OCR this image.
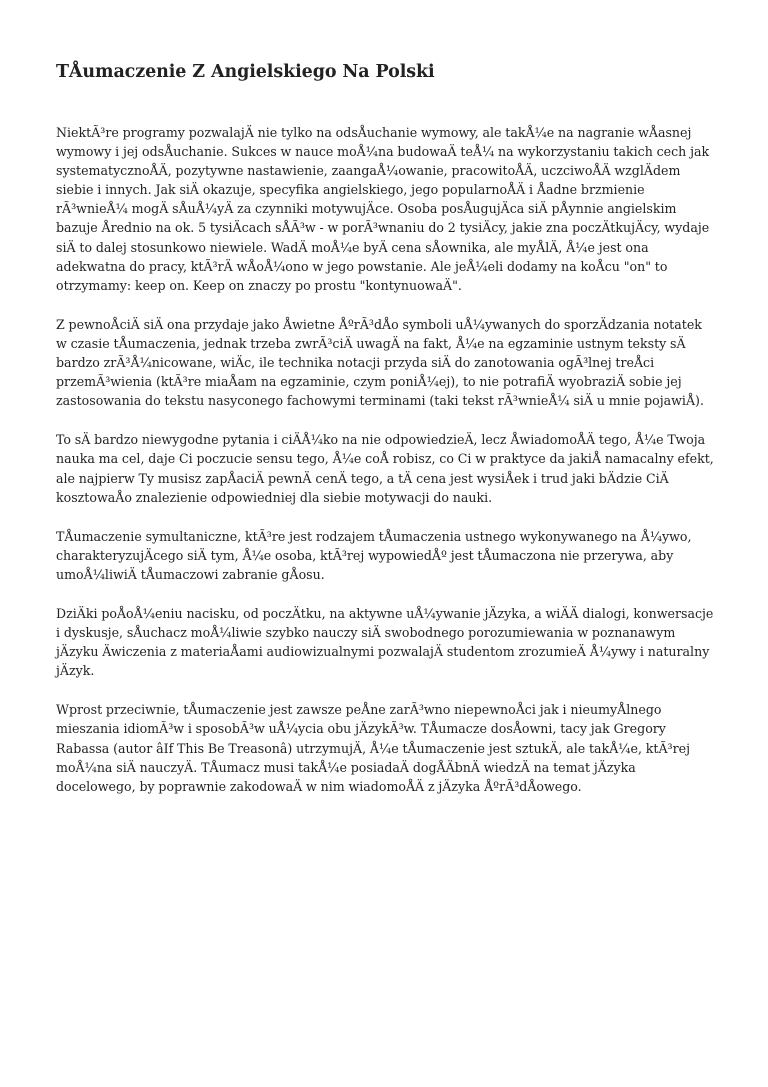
TÅumaczenie Z Angielskiego Na Polski

NiektÃ³re programy pozwalajÄ nie tylko na odsÅuchanie wymowy, ale takÅ¼e na nagranie wÅasnej wymowy i jej odsÅuchanie. Sukces w nauce moÅ¼na budowaÄ teÅ¼ na wykorzystaniu takich cech jak systematycznoÅÄ, pozytywne nastawienie, zaangaÅ¼owanie, pracowitoÅÄ, uczciwoÅÄ wzglÄdem siebie i innych. Jak siÄ okazuje, specyfika angielskiego, jego popularnoÅÄ i Åadne brzmienie rÃ³wnieÅ¼ mogÄ sÅuÅ¼yÄ za czynniki motywujÄce. Osoba posÅugujÄca siÄ pÅynnie angielskim bazuje Årednio na ok. 5 tysiÄcach sÅÃ³w - w porÃ³wnaniu do 2 tysiÄcy, jakie zna poczÄtkujÄcy, wydaje siÄ to dalej stosunkowo niewiele. WadÄ moÅ¼e byÄ cena sÅownika, ale myÅlÄ, Å¼e jest ona adekwatna do pracy, ktÃ³rÄ wÅoÅ¼ono w jego powstanie. Ale jeÅ¼eli dodamy na koÅcu "on" to otrzymamy: keep on. Keep on znaczy po prostu "kontynuowaÄ".

Z pewnoÅciÄ siÄ ona przydaje jako Åwietne ÅºrÃ³dÅo symboli uÅ¼ywanych do sporzÄdzania notatek w czasie tÅumaczenia, jednak trzeba zwrÃ³ciÄ uwagÄ na fakt, Å¼e na egzaminie ustnym teksty sÄ bardzo zrÃ³Å¼nicowane, wiÄc, ile technika notacji przyda siÄ do zanotowania ogÃ³lnej treÅci przemÃ³wienia (ktÃ³re miaÅam na egzaminie, czym poniÅ¼ej), to nie potrafiÄ wyobraziÄ sobie jej zastosowania do tekstu nasyconego fachowymi terminami (taki tekst rÃ³wnieÅ¼ siÄ u mnie pojawiÅ).

To sÄ bardzo niewygodne pytania i ciÄÅ¼ko na nie odpowiedzieÄ, lecz ÅwiadomoÅÄ tego, Å¼e Twoja nauka ma cel, daje Ci poczucie sensu tego, Å¼e coÅ robisz, co Ci w praktyce da jakiÅ namacalny efekt, ale najpierw Ty musisz zapÅaciÄ pewnÄ cenÄ tego, a tÄ cena jest wysiÅek i trud jaki bÄdzie CiÄ kosztowaÅo znalezienie odpowiedniej dla siebie motywacji do nauki.

TÅumaczenie symultaniczne, ktÃ³re jest rodzajem tÅumaczenia ustnego wykonywanego na Å¼ywo, charakteryzujÄcego siÄ tym, Å¼e osoba, ktÃ³rej wypowiedÅº jest tÅumaczona nie przerywa, aby umoÅ¼liwiÄ tÅumaczowi zabranie gÅosu.

DziÄki poÅoÅ¼eniu nacisku, od poczÄtku, na aktywne uÅ¼ywanie jÄzyka, a wiÄÄ dialogi, konwersacje i dyskusje, sÅuchacz moÅ¼liwie szybko nauczy siÄ swobodnego porozumiewania w poznanawym jÄzyku Äwiczenia z materiaÅami audiowizualnymi pozwalajÄ studentom zrozumieÄ Å¼ywy i naturalny jÄzyk.

Wprost przeciwnie, tÅumaczenie jest zawsze peÅne zarÃ³wno niepewnoÅci jak i nieumyÅlnego mieszania idiomÃ³w i sposobÃ³w uÅ¼ycia obu jÄzykÃ³w. TÅumacze dosÅowni, tacy jak Gregory Rabassa (autor âIf This Be Treasonâ) utrzymujÄ, Å¼e tÅumaczenie jest sztukÄ, ale takÅ¼e, ktÃ³rej moÅ¼na siÄ nauczyÄ. TÅumacz musi takÅ¼e posiadaÄ dogÅÄbnÄ wiedzÄ na temat jÄzyka docelowego, by poprawnie zakodowaÄ w nim wiadomoÅÄ z jÄzyka ÅºrÃ³dÅowego.
